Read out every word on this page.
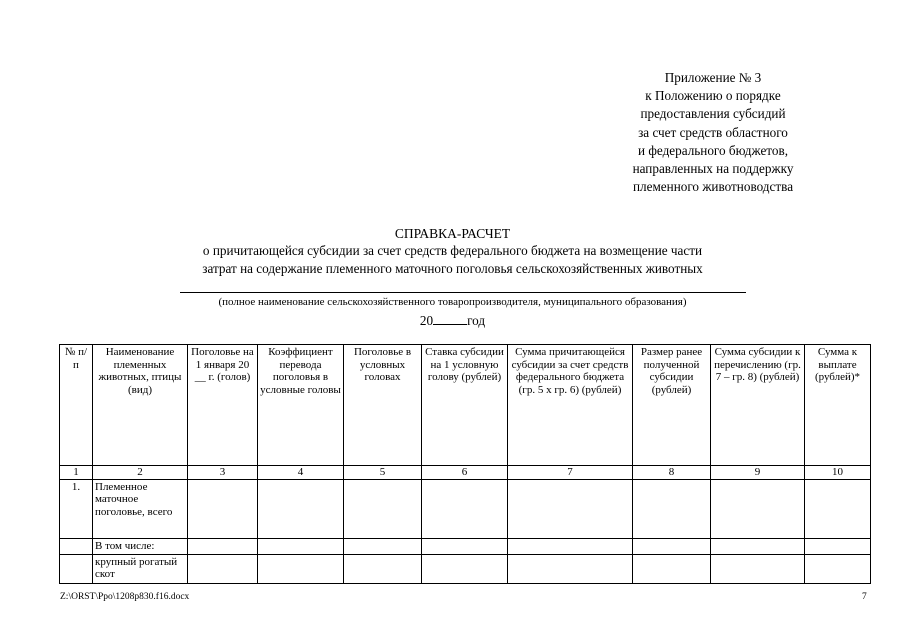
Приложение № 3
к Положению о порядке
предоставления субсидий
за счет средств областного
и федерального бюджетов,
направленных на поддержку
племенного животноводства
СПРАВКА-РАСЧЕТ
о причитающейся субсидии за счет средств федерального бюджета на возмещение части
затрат на содержание племенного маточного поголовья сельскохозяйственных животных
(полное наименование сельскохозяйственного товаропроизводителя, муниципального образования)
20	год
№ п/п	Наименование племенных животных, птицы (вид)	Поголовье на 1 января 20 __ г. (голов)	Коэффициент перевода поголовья в условные головы	Поголовье в условных головах	Ставка субсидии на 1 условную голову (рублей)	Сумма причитающейся субсидии за счет средств федерального бюджета (гр. 5 х гр. 6) (рублей)	Размер ранее полученной субсидии (рублей)	Сумма субсидии к перечислению (гр. 7 – гр. 8) (рублей)	Сумма к выплате (рублей)*
1	2	3	4	5	6	7	8	9	10
1.	Племенное маточное поголовье, всего								
	В том числе:								
	крупный рогатый скот								
Z:\ORST\Ppo\1208p830.f16.docx	7
